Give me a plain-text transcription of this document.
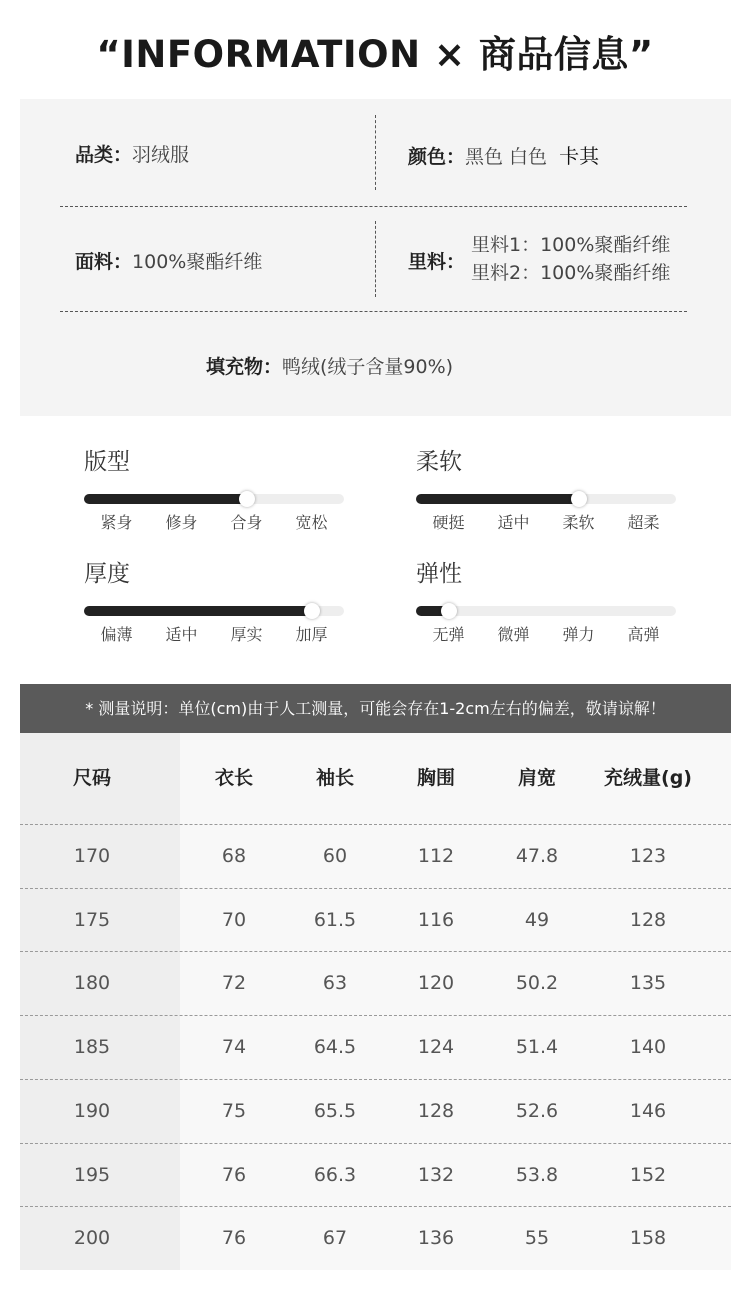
“INFORMATION × 商品信息”
品类：羽绒服	颜色：黑色 白色 卡其
面料：100%聚酯纤维	里料：
里料1：100%聚酯纤维
里料2：100%聚酯纤维
填充物：鸭绒(绒子含量90%)
版型
紧身	修身	合身	宽松
柔软
硬挺	适中	柔软	超柔
厚度
偏薄	适中	厚实	加厚
弹性
无弹	微弹	弹力	高弹
* 测量说明：单位(cm)由于人工测量，可能会存在1-2cm左右的偏差，敬请谅解！
尺码	衣长	袖长	胸围	肩宽	充绒量(g)
170	68	60	112	47.8	123
175	70	61.5	116	49	128
180	72	63	120	50.2	135
185	74	64.5	124	51.4	140
190	75	65.5	128	52.6	146
195	76	66.3	132	53.8	152
200	76	67	136	55	158
